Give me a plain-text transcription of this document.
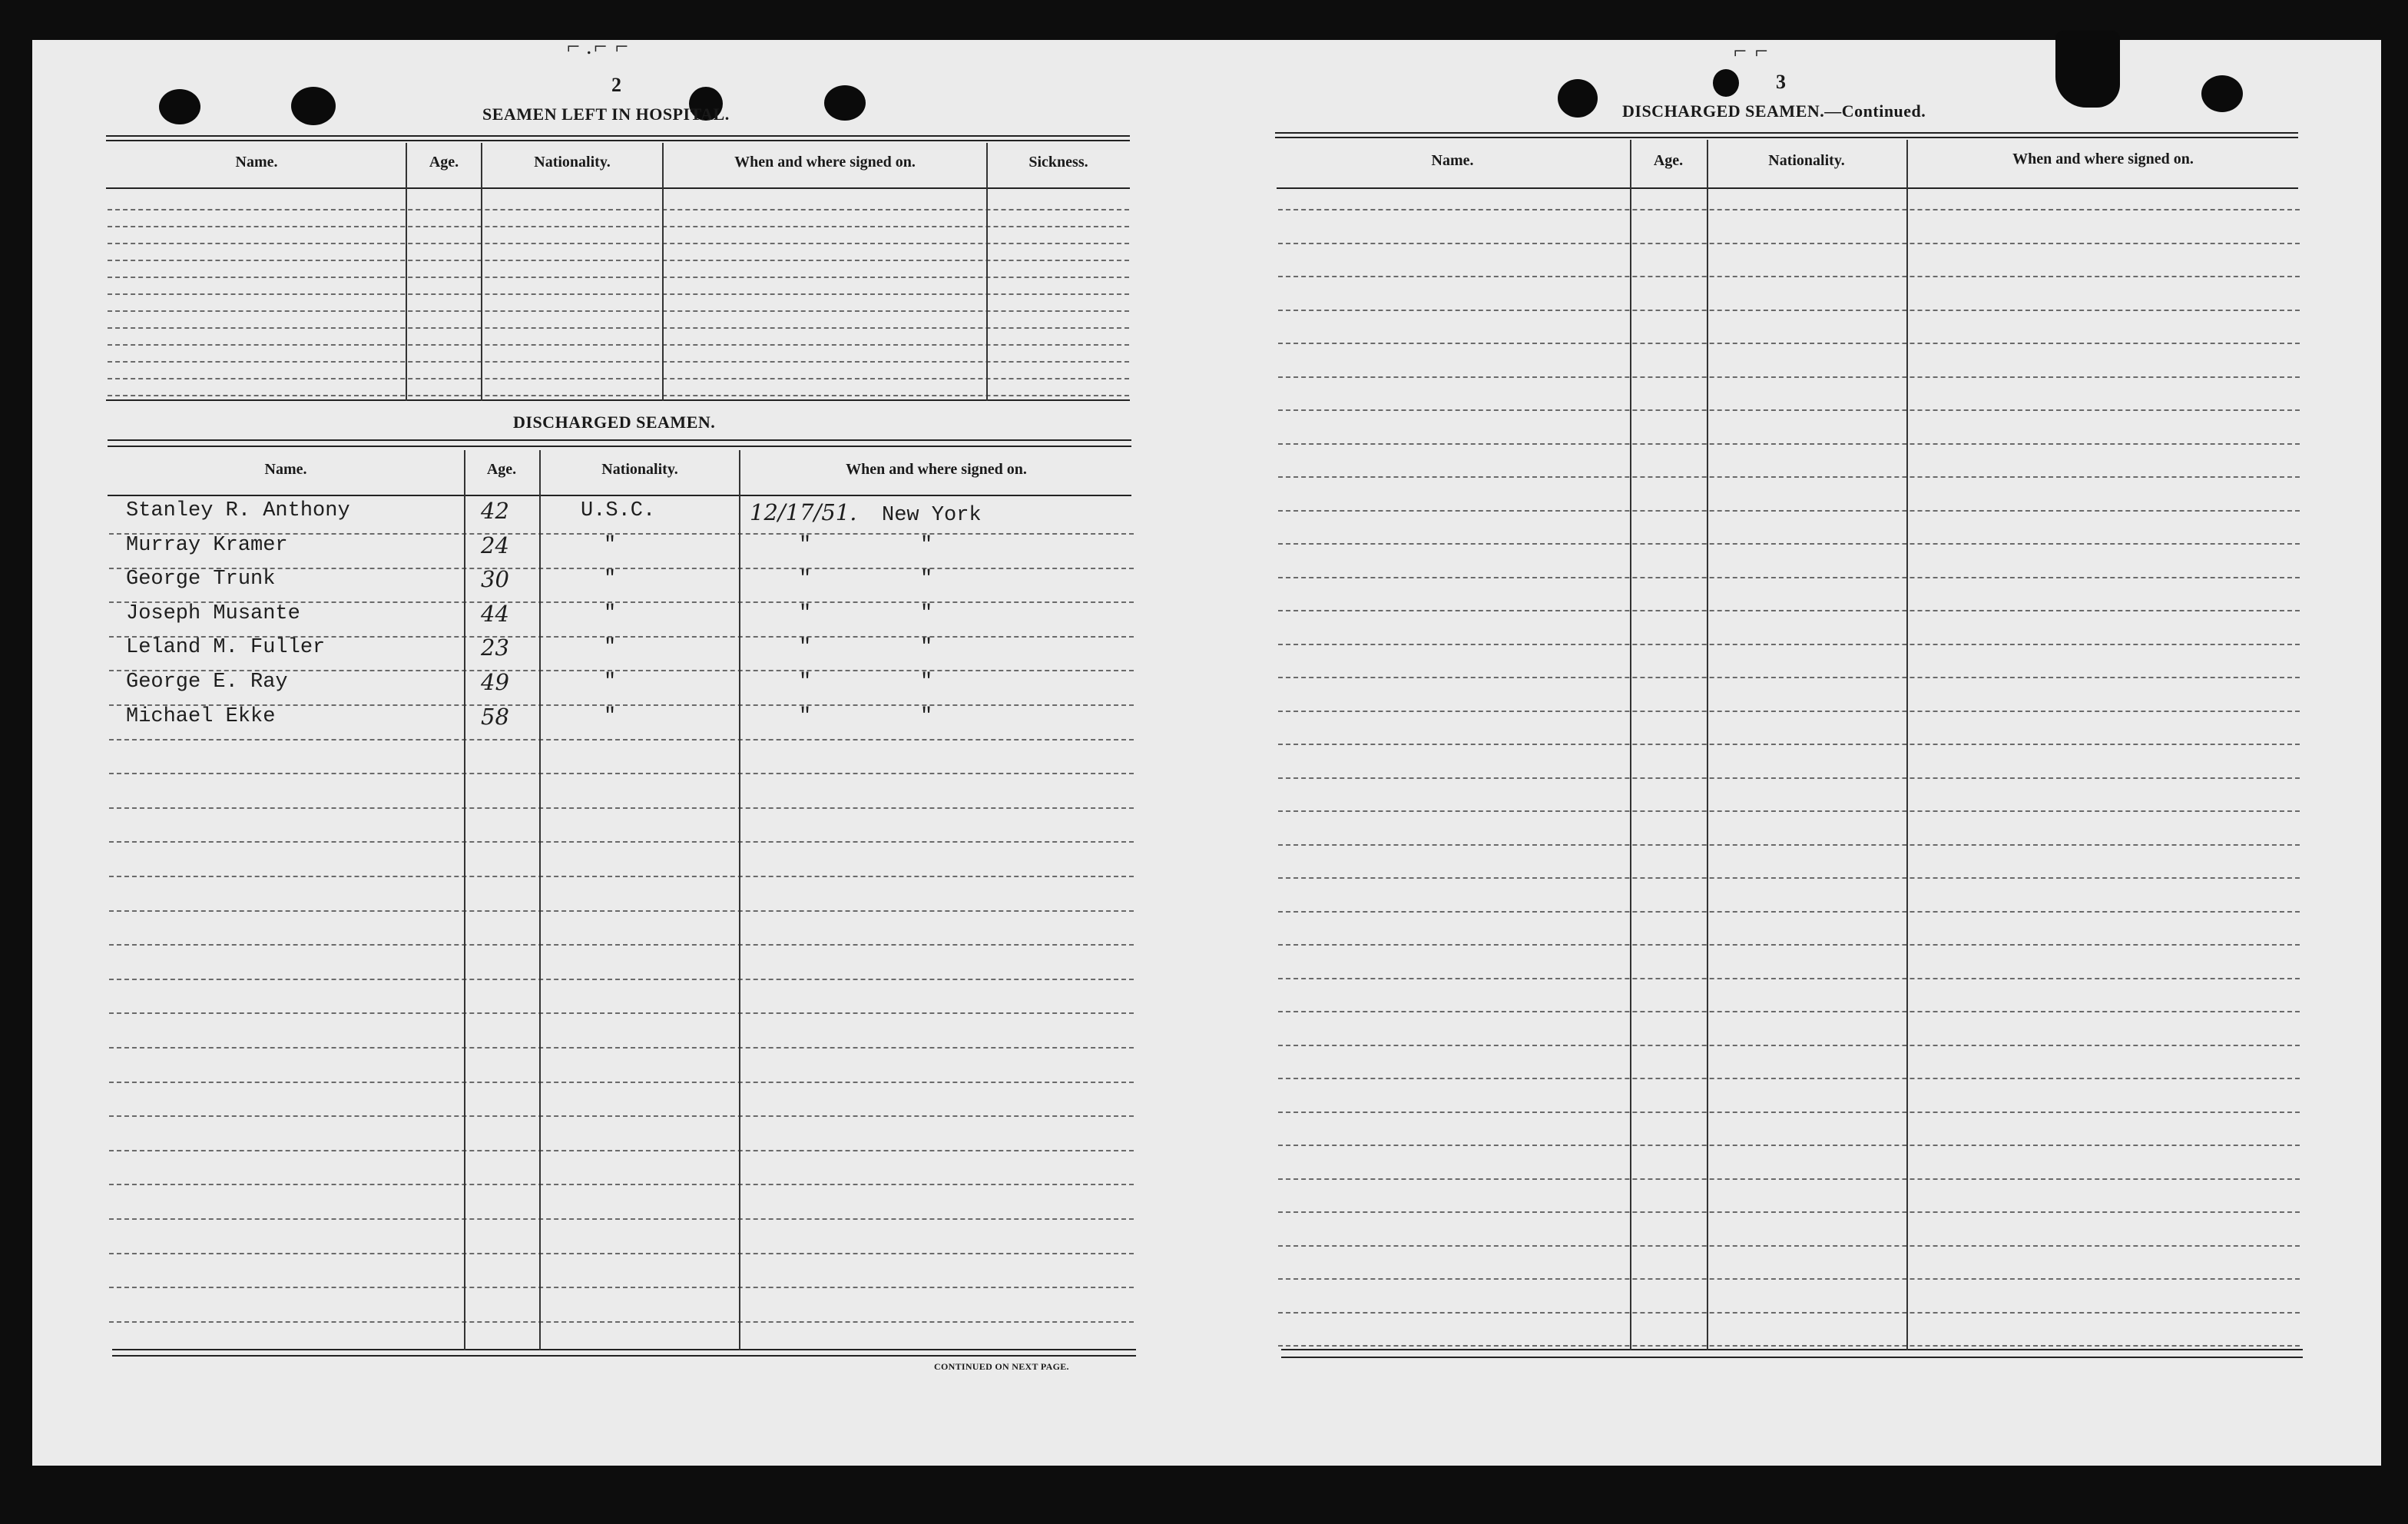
⌐ .⌐ ⌐	⌐ ⌐
2
SEAMEN LEFT IN HOSPITAL.
Name.	Age.	Nationality.	When and where signed on.	Sickness.
DISCHARGED SEAMEN.
Name.	Age.	Nationality.	When and where signed on.
Stanley R. Anthony	42	U.S.C.	12/17/51. New York
Murray Kramer	24	"	"	"
George Trunk	30	"	"	"
Joseph Musante	44	"	"	"
Leland M. Fuller	23	"	"	"
George E. Ray	49	"	"	"
Michael Ekke	58	"	"	"
CONTINUED ON NEXT PAGE.
3
DISCHARGED SEAMEN.—Continued.
Name.	Age.	Nationality.	When and where signed on.
